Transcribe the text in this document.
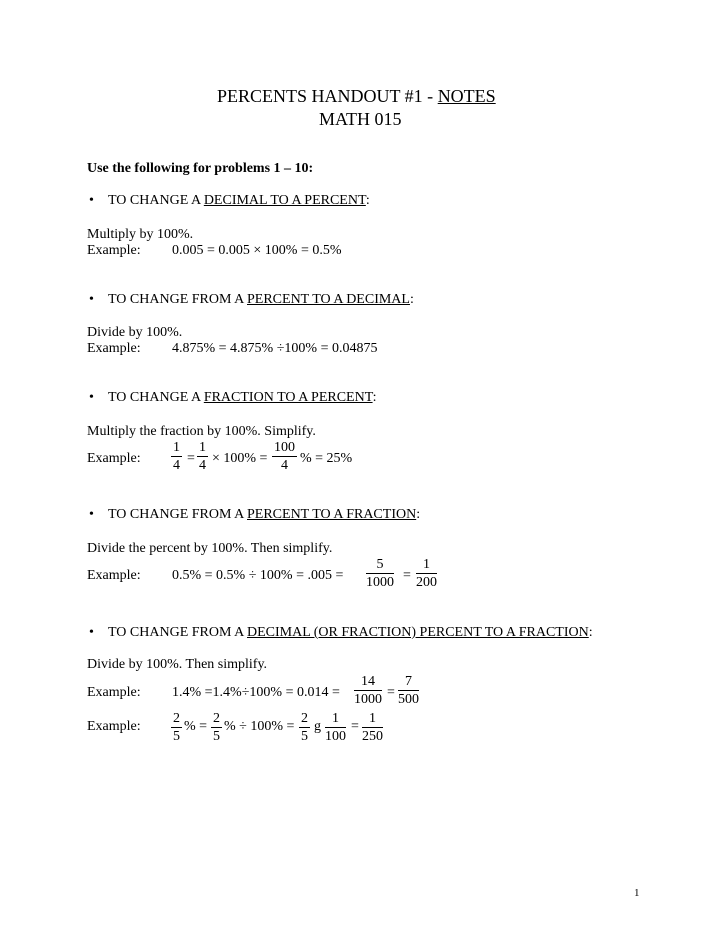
PERCENTS HANDOUT #1 - NOTES
MATH 015
Use the following for problems 1 – 10:
• TO CHANGE A DECIMAL TO A PERCENT:
Multiply by 100%.
Example: 0.005 = 0.005 × 100% = 0.5%
• TO CHANGE FROM A PERCENT TO A DECIMAL:
Divide by 100%.
Example: 4.875% = 4.875% ÷100% = 0.04875
• TO CHANGE A FRACTION TO A PERCENT:
Multiply the fraction by 100%. Simplify.
Example: $\frac{1}{4} = \frac{1}{4} \times 100\% = \frac{100}{4}$ % = 25%
• TO CHANGE FROM A PERCENT TO A FRACTION:
Divide the percent by 100%. Then simplify.
Example: $0.5\% = 0.5\% \div 100\% = .005 = \frac{5}{1000} = \frac{1}{200}$
• TO CHANGE FROM A DECIMAL (OR FRACTION) PERCENT TO A FRACTION:
Divide by 100%. Then simplify.
Example: $1.4\% =1.4\%\div 100\% = 0.014 = \frac{14}{1000} = \frac{7}{500}$
Example: $\frac{2}{5}$ % = $\frac{2}{5}$ % ÷ $100\% = \frac{2}{5}$ g $\frac{1}{100} = \frac{1}{250}$
1
